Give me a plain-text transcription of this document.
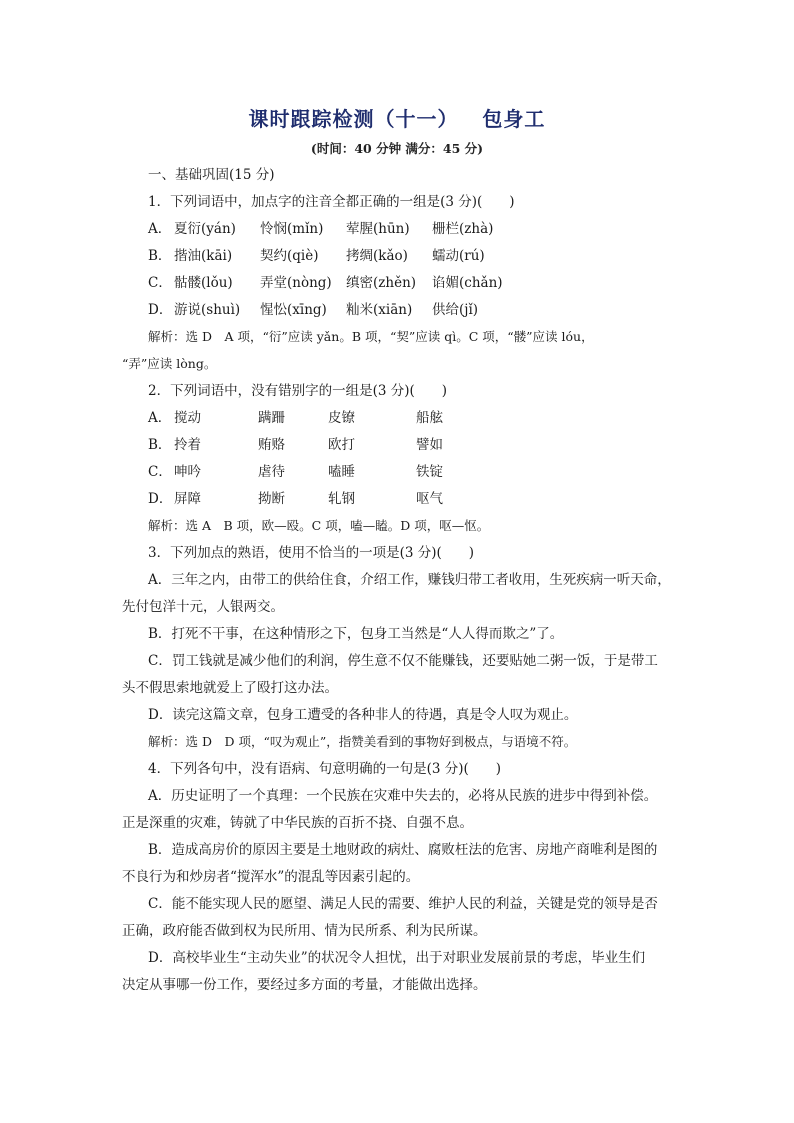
课时跟踪检测（十一）   包身工
(时间：40 分钟 满分：45 分)
一、基础巩固(15 分)
1．下列词语中，加点字的注音全都正确的一组是(3 分)(　　)
A． 夏衍(yán) 怜悯(mǐn) 荤腥(hūn) 栅栏(zhà)
B． 揩油(kāi) 契约(qiè) 拷绸(kǎo) 蠕动(rú)
C． 骷髅(lǒu) 弄堂(nòng) 缜密(zhěn) 谄媚(chǎn)
D． 游说(shuì) 惺忪(xīng) 籼米(xiān) 供给(jǐ)
解析：选 D　A 项，“衍”应读 yǎn。B 项，“契”应读 qì。C 项，“髅”应读 lóu，
“弄”应读 lòng。
2．下列词语中，没有错别字的一组是(3 分)(　　)
A． 搅动	蹒跚	皮镣	船舷
B． 拎着	贿赂	欧打	譬如
C． 呻吟	虐待	嗑睡	铁锭
D． 屏障	拗断	轧钢	呕气
解析：选 A　B 项，欧—殴。C 项，嗑—瞌。D 项，呕—怄。
3．下列加点的熟语，使用不恰当的一项是(3 分)(　　)
A．三年之内，由带工的供给住食，介绍工作，赚钱归带工者收用，生死疾病一听天命，
先付包洋十元，人银两交。
B．打死不干事，在这种情形之下，包身工当然是“人人得而欺之”了。
C．罚工钱就是减少他们的利润，停生意不仅不能赚钱，还要贴她二粥一饭，于是带工
头不假思索地就爱上了殴打这办法。
D．读完这篇文章，包身工遭受的各种非人的待遇，真是令人叹为观止。
解析：选 D　D 项，“叹为观止”，指赞美看到的事物好到极点，与语境不符。
4．下列各句中，没有语病、句意明确的一句是(3 分)(　　)
A．历史证明了一个真理：一个民族在灾难中失去的，必将从民族的进步中得到补偿。
正是深重的灾难，铸就了中华民族的百折不挠、自强不息。
B．造成高房价的原因主要是土地财政的病灶、腐败枉法的危害、房地产商唯利是图的
不良行为和炒房者“搅浑水”的混乱等因素引起的。
C．能不能实现人民的愿望、满足人民的需要、维护人民的利益，关键是党的领导是否
正确，政府能否做到权为民所用、情为民所系、利为民所谋。
D．高校毕业生“主动失业”的状况令人担忧，出于对职业发展前景的考虑，毕业生们
决定从事哪一份工作，要经过多方面的考量，才能做出选择。
